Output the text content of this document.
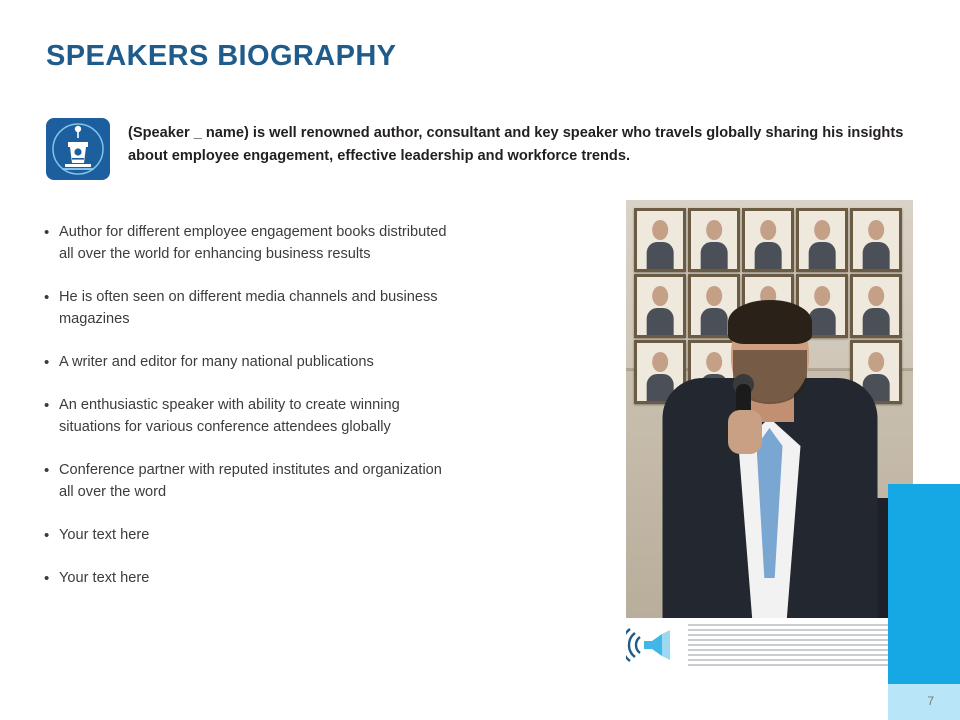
SPEAKERS BIOGRAPHY
(Speaker _ name) is well renowned author, consultant and key speaker who travels globally sharing his insights about employee engagement, effective leadership and workforce trends.
• Author for different employee engagement books distributed all over the world for enhancing business results
• He is often seen on different media channels and business magazines
• A writer and editor for many national publications
• An enthusiastic speaker with ability to create winning situations for various conference attendees globally
• Conference partner with reputed institutes and organization all over the word
• Your text here
• Your text here
7
